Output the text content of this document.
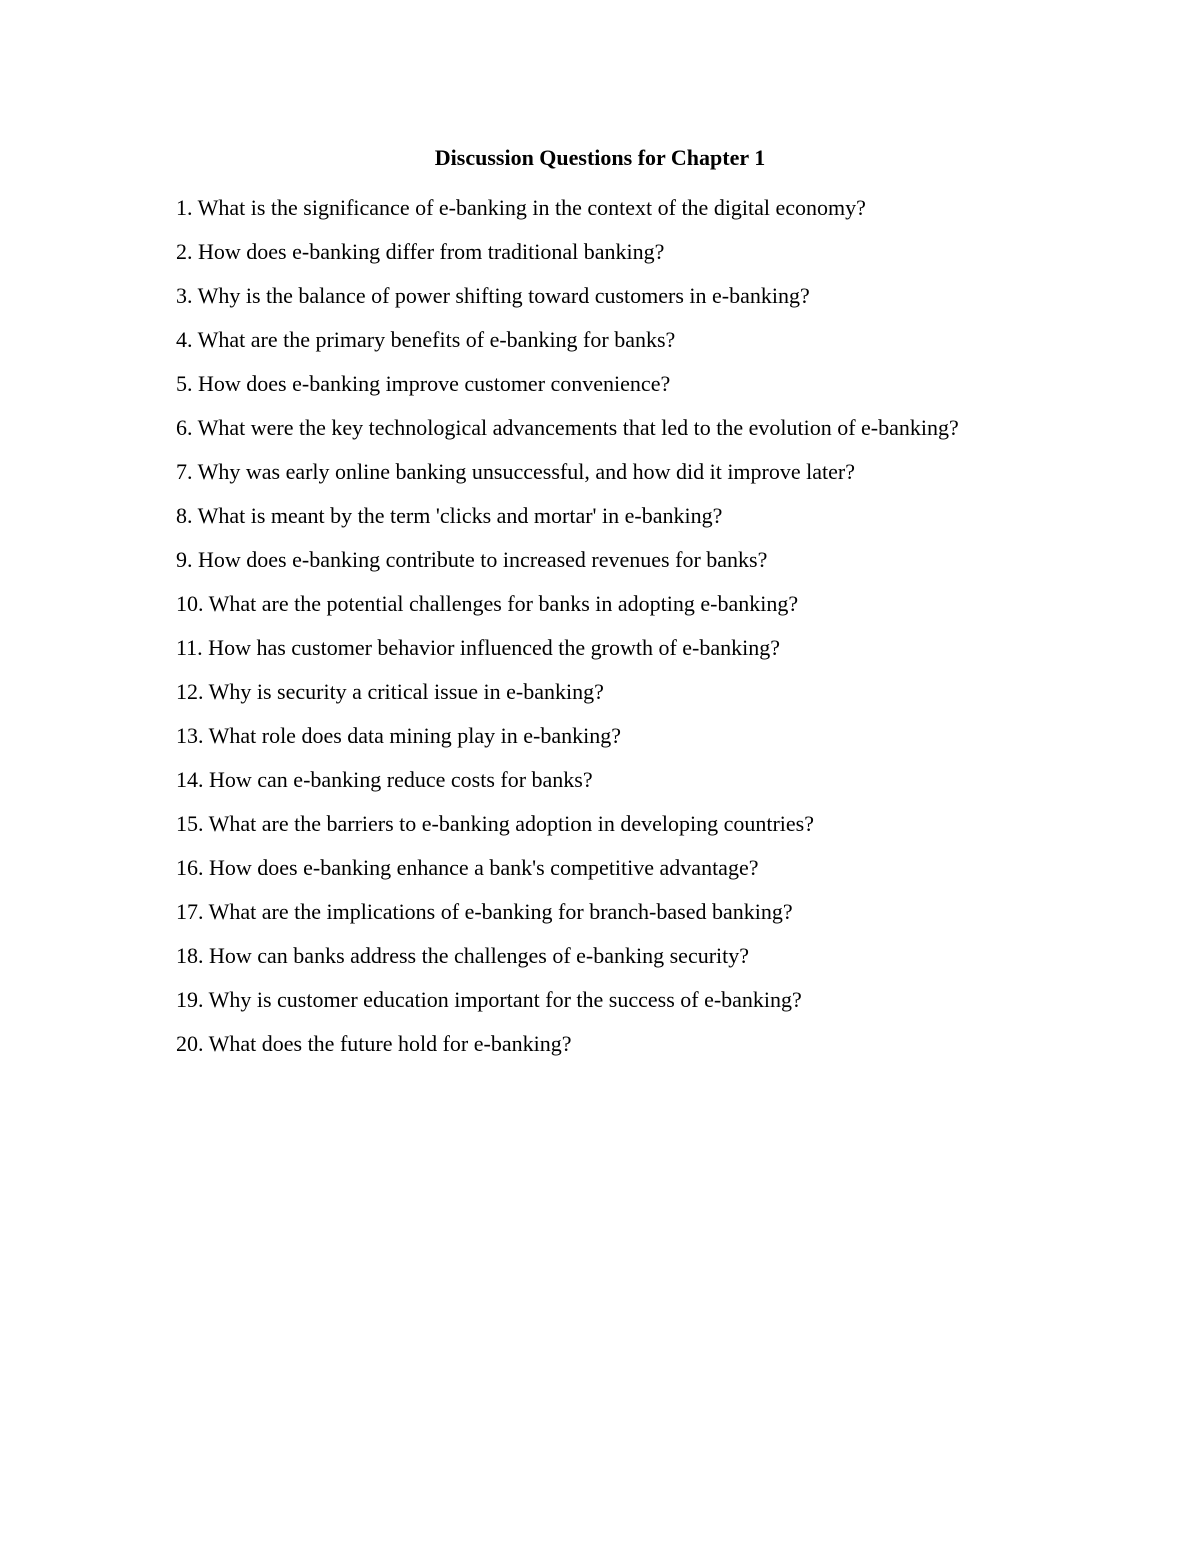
Discussion Questions for Chapter 1
1. What is the significance of e-banking in the context of the digital economy?
2. How does e-banking differ from traditional banking?
3. Why is the balance of power shifting toward customers in e-banking?
4. What are the primary benefits of e-banking for banks?
5. How does e-banking improve customer convenience?
6. What were the key technological advancements that led to the evolution of e-banking?
7. Why was early online banking unsuccessful, and how did it improve later?
8. What is meant by the term 'clicks and mortar' in e-banking?
9. How does e-banking contribute to increased revenues for banks?
10. What are the potential challenges for banks in adopting e-banking?
11. How has customer behavior influenced the growth of e-banking?
12. Why is security a critical issue in e-banking?
13. What role does data mining play in e-banking?
14. How can e-banking reduce costs for banks?
15. What are the barriers to e-banking adoption in developing countries?
16. How does e-banking enhance a bank's competitive advantage?
17. What are the implications of e-banking for branch-based banking?
18. How can banks address the challenges of e-banking security?
19. Why is customer education important for the success of e-banking?
20. What does the future hold for e-banking?
